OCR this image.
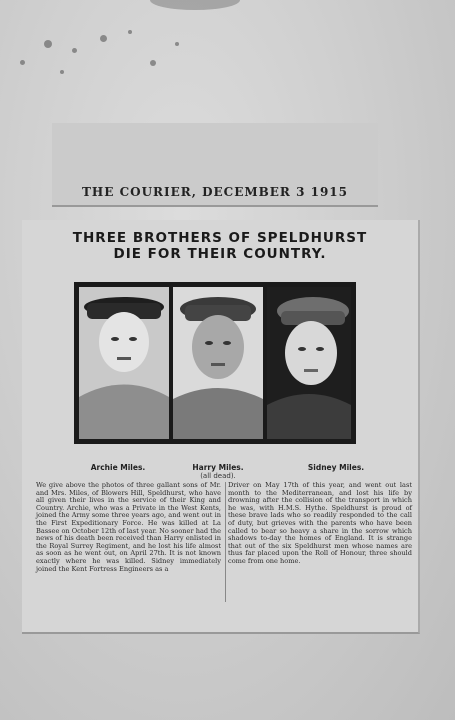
THE COURIER, DECEMBER 3 1915
THREE BROTHERS OF SPELDHURST
DIE FOR THEIR COUNTRY.
Archie Miles.	Harry Miles.
(all dead).
Sidney Miles.
We give above the photos of three gallant sons of Mr. and Mrs. Miles, of Blowers Hill, Speldhurst, who have all given their lives in the service of their King and Country. Archie, who was a Private in the West Kents, joined the Army some three years ago, and went out in the First Expeditionary Force. He was killed at La Bassee on October 12th of last year. No sooner had the news of his death been received than Harry enlisted in the Royal Surrey Regiment, and he lost his life almost as soon as he went out, on April 27th. It is not known exactly where he was killed. Sidney immediately joined the Kent Fortress Engineers as a
Driver on May 17th of this year, and went out last month to the Mediterranean, and lost his life by drowning after the collision of the transport in which he was, with H.M.S. Hythe. Speldhurst is proud of these brave lads who so readily responded to the call of duty, but grieves with the parents who have been called to bear so heavy a share in the sorrow which shadows to-day the homes of England. It is strange that out of the six Speldhurst men whose names are thus far placed upon the Roll of Honour, three should come from one home.
